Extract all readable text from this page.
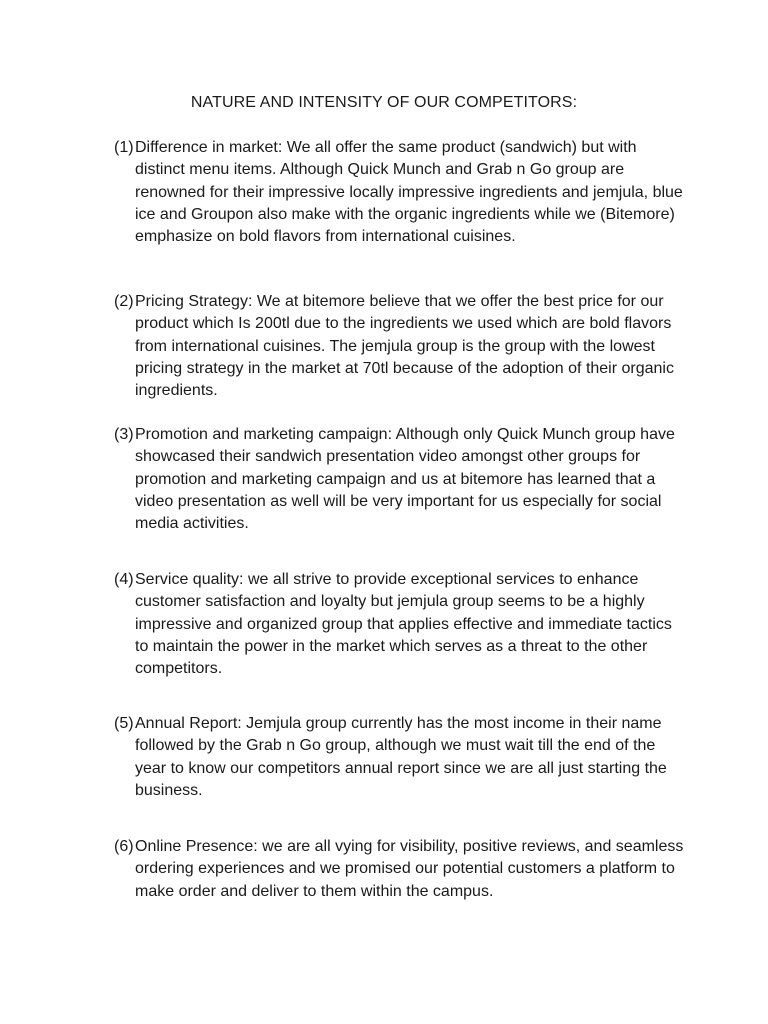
NATURE AND INTENSITY OF OUR COMPETITORS:
(1) Difference in market: We all offer the same product (sandwich) but with distinct menu items. Although Quick Munch and Grab n Go group are renowned for their impressive locally impressive ingredients and jemjula, blue ice and Groupon also make with the organic ingredients while we (Bitemore) emphasize on bold flavors from international cuisines.
(2) Pricing Strategy: We at bitemore believe that we offer the best price for our product which Is 200tl due to the ingredients we used which are bold flavors from international cuisines. The jemjula group is the group with the lowest pricing strategy in the market at 70tl because of the adoption of their organic ingredients.
(3) Promotion and marketing campaign: Although only Quick Munch group have showcased their sandwich presentation video amongst other groups for promotion and marketing campaign and us at bitemore has learned that a video presentation as well will be very important for us especially for social media activities.
(4) Service quality: we all strive to provide exceptional services to enhance customer satisfaction and loyalty but jemjula group seems to be a highly impressive and organized group that applies effective and immediate tactics to maintain the power in the market which serves as a threat to the other competitors.
(5) Annual Report: Jemjula group currently has the most income in their name followed by the Grab n Go group, although we must wait till the end of the year to know our competitors annual report since we are all just starting the business.
(6) Online Presence: we are all vying for visibility, positive reviews, and seamless ordering experiences and we promised our potential customers a platform to make order and deliver to them within the campus.
